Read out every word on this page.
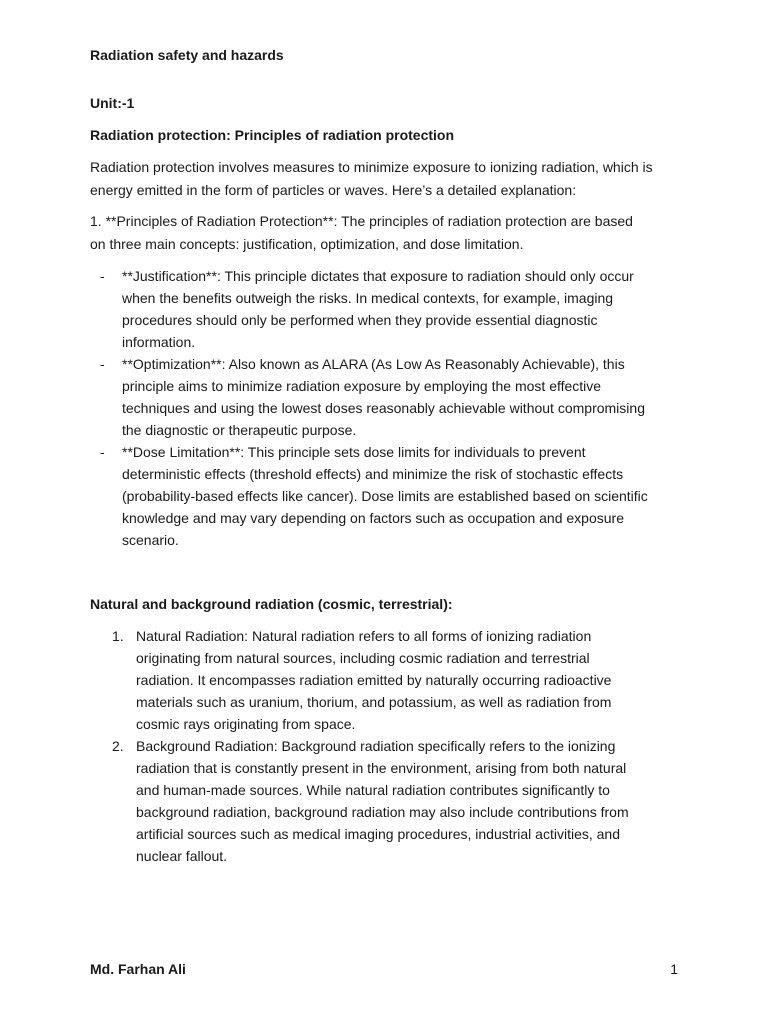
Radiation safety and hazards
Unit:-1
Radiation protection: Principles of radiation protection
Radiation protection involves measures to minimize exposure to ionizing radiation, which is
energy emitted in the form of particles or waves. Here’s a detailed explanation:
1. **Principles of Radiation Protection**: The principles of radiation protection are based
on three main concepts: justification, optimization, and dose limitation.
- **Justification**: This principle dictates that exposure to radiation should only occur
when the benefits outweigh the risks. In medical contexts, for example, imaging
procedures should only be performed when they provide essential diagnostic
information.
- **Optimization**: Also known as ALARA (As Low As Reasonably Achievable), this
principle aims to minimize radiation exposure by employing the most effective
techniques and using the lowest doses reasonably achievable without compromising
the diagnostic or therapeutic purpose.
- **Dose Limitation**: This principle sets dose limits for individuals to prevent
deterministic effects (threshold effects) and minimize the risk of stochastic effects
(probability-based effects like cancer). Dose limits are established based on scientific
knowledge and may vary depending on factors such as occupation and exposure
scenario.
Natural and background radiation (cosmic, terrestrial):
1. Natural Radiation: Natural radiation refers to all forms of ionizing radiation
originating from natural sources, including cosmic radiation and terrestrial
radiation. It encompasses radiation emitted by naturally occurring radioactive
materials such as uranium, thorium, and potassium, as well as radiation from
cosmic rays originating from space.
2. Background Radiation: Background radiation specifically refers to the ionizing
radiation that is constantly present in the environment, arising from both natural
and human-made sources. While natural radiation contributes significantly to
background radiation, background radiation may also include contributions from
artificial sources such as medical imaging procedures, industrial activities, and
nuclear fallout.
Md. Farhan Ali	1
